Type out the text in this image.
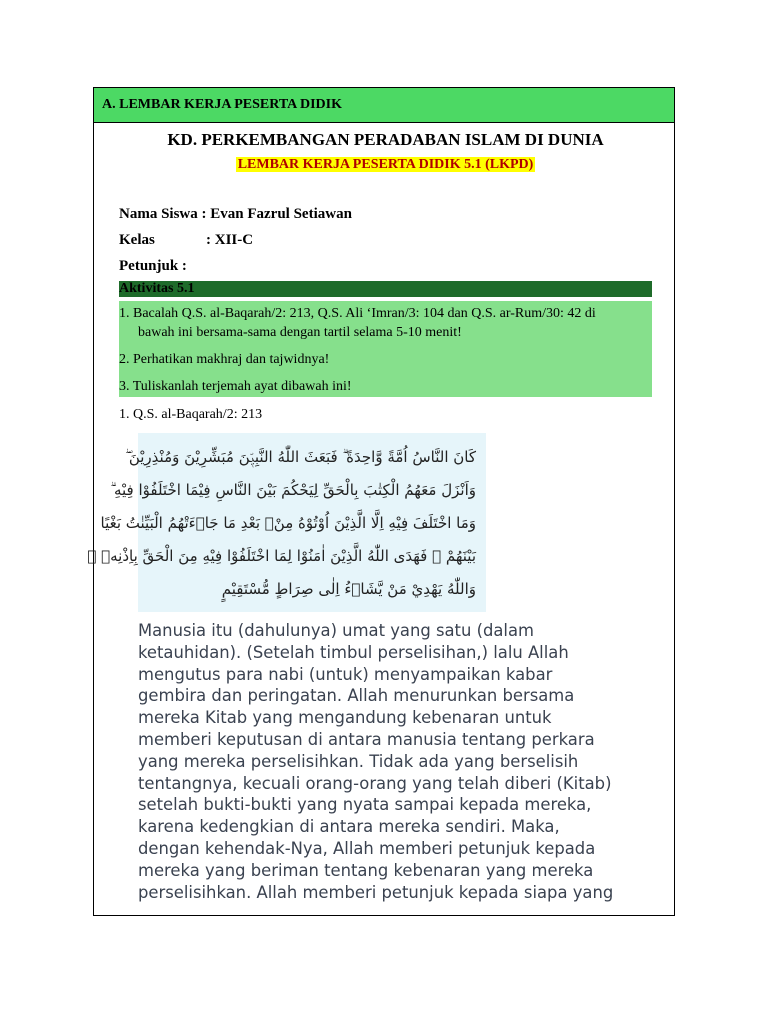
A. LEMBAR KERJA PESERTA DIDIK
KD. PERKEMBANGAN PERADABAN ISLAM DI DUNIA
LEMBAR KERJA PESERTA DIDIK 5.1 (LKPD)
Nama Siswa : Evan Fazrul Setiawan
Kelas	: XII-C
Petunjuk :
Aktivitas 5.1
1. Bacalah Q.S. al-Baqarah/2: 213, Q.S. Ali ‘Imran/3: 104 dan Q.S. ar-Rum/30: 42 di
bawah ini bersama-sama dengan tartil selama 5-10 menit!
2. Perhatikan makhraj dan tajwidnya!
3. Tuliskanlah terjemah ayat dibawah ini!
1. Q.S. al-Baqarah/2: 213
كَانَ النَّاسُ اُمَّةً وَّاحِدَةً ۗ فَبَعَثَ اللّٰهُ النَّبِيّٖنَ مُبَشِّرِيْنَ وَمُنْذِرِيْنَ ۖ
وَاَنْزَلَ مَعَهُمُ الْكِتٰبَ بِالْحَقِّ لِيَحْكُمَ بَيْنَ النَّاسِ فِيْمَا اخْتَلَفُوْا فِيْهِ ۗ
وَمَا اخْتَلَفَ فِيْهِ اِلَّا الَّذِيْنَ اُوْتُوْهُ مِنْۢ بَعْدِ مَا جَاۤءَتْهُمُ الْبَيِّنٰتُ بَغْيًا
بَيْنَهُمْ ۚ فَهَدَى اللّٰهُ الَّذِيْنَ اٰمَنُوْا لِمَا اخْتَلَفُوْا فِيْهِ مِنَ الْحَقِّ بِاِذْنِهٖ ۗ
وَاللّٰهُ يَهْدِيْ مَنْ يَّشَاۤءُ اِلٰى صِرَاطٍ مُّسْتَقِيْمٍ
Manusia itu (dahulunya) umat yang satu (dalam
ketauhidan). (Setelah timbul perselisihan,) lalu Allah
mengutus para nabi (untuk) menyampaikan kabar
gembira dan peringatan. Allah menurunkan bersama
mereka Kitab yang mengandung kebenaran untuk
memberi keputusan di antara manusia tentang perkara
yang mereka perselisihkan. Tidak ada yang berselisih
tentangnya, kecuali orang-orang yang telah diberi (Kitab)
setelah bukti-bukti yang nyata sampai kepada mereka,
karena kedengkian di antara mereka sendiri. Maka,
dengan kehendak-Nya, Allah memberi petunjuk kepada
mereka yang beriman tentang kebenaran yang mereka
perselisihkan. Allah memberi petunjuk kepada siapa yang
